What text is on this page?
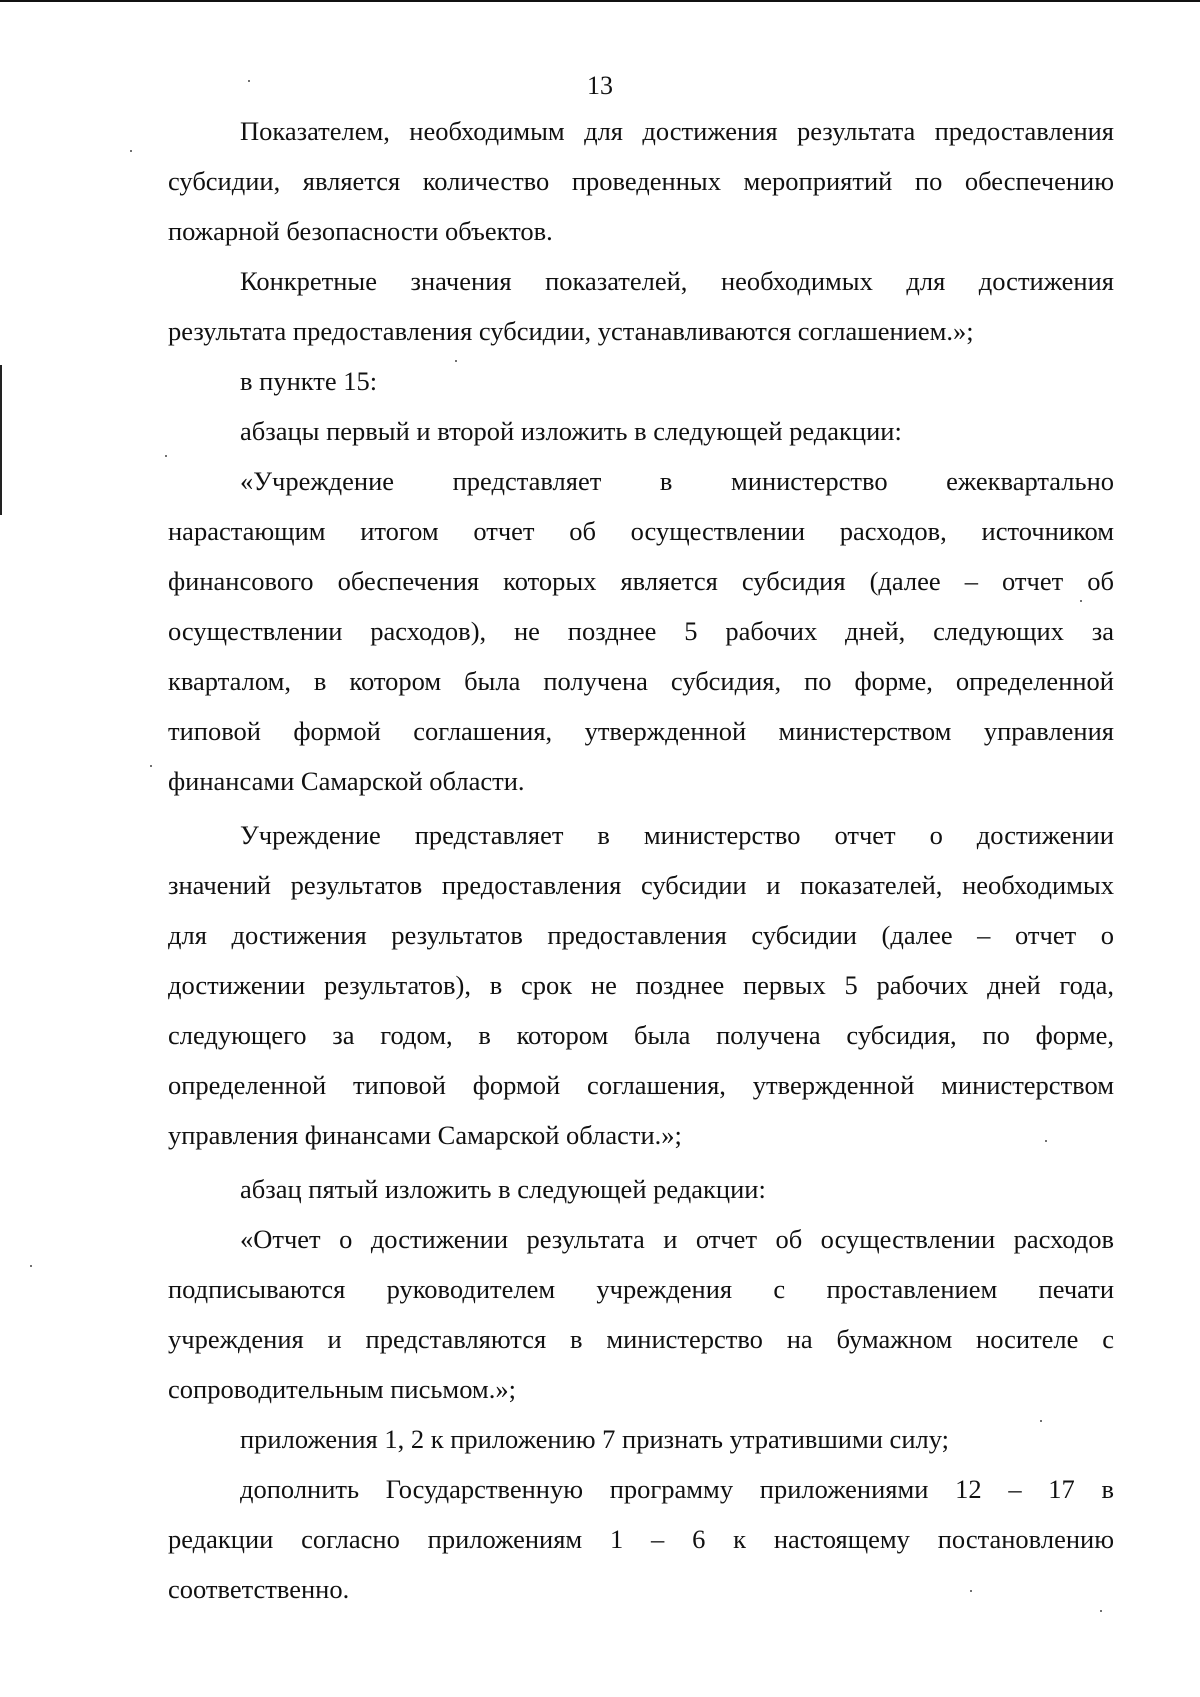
13
Показателем, необходимым для достижения результата предоставления
субсидии, является количество проведенных мероприятий по обеспечению
пожарной безопасности объектов.
Конкретные значения показателей, необходимых для достижения
результата предоставления субсидии, устанавливаются соглашением.»;
в пункте 15:
абзацы первый и второй изложить в следующей редакции:
«Учреждение представляет в министерство ежеквартально
нарастающим итогом отчет об осуществлении расходов, источником
финансового обеспечения которых является субсидия (далее – отчет об
осуществлении расходов), не позднее 5 рабочих дней, следующих за
кварталом, в котором была получена субсидия, по форме, определенной
типовой формой соглашения, утвержденной министерством управления
финансами Самарской области.
Учреждение представляет в министерство отчет о достижении
значений результатов предоставления субсидии и показателей, необходимых
для достижения результатов предоставления субсидии (далее – отчет о
достижении результатов), в срок не позднее первых 5 рабочих дней года,
следующего за годом, в котором была получена субсидия, по форме,
определенной типовой формой соглашения, утвержденной министерством
управления финансами Самарской области.»;
абзац пятый изложить в следующей редакции:
«Отчет о достижении результата и отчет об осуществлении расходов
подписываются руководителем учреждения с проставлением печати
учреждения и представляются в министерство на бумажном носителе с
сопроводительным письмом.»;
приложения 1, 2 к приложению 7 признать утратившими силу;
дополнить Государственную программу приложениями 12 – 17 в
редакции согласно приложениям 1 – 6 к настоящему постановлению
соответственно.
